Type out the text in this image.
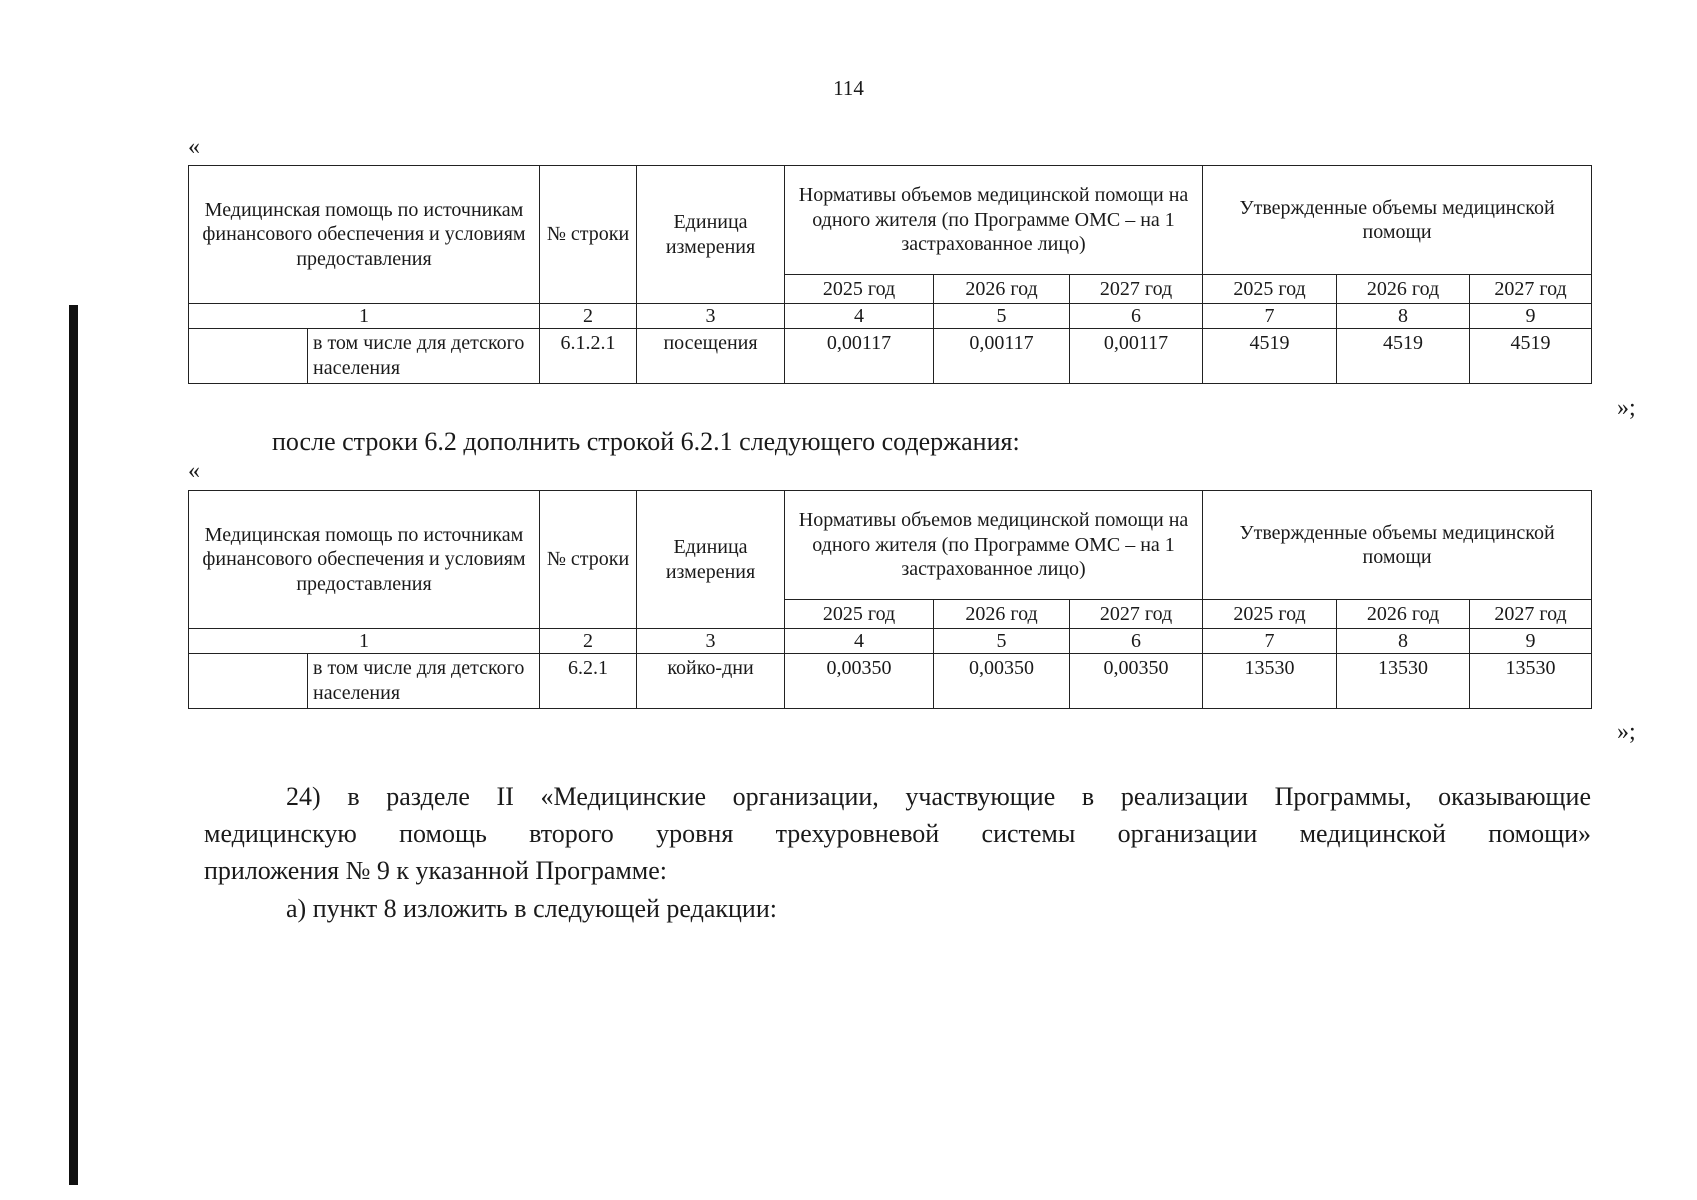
114
«
Медицинская помощь по источникам финансового обеспечения и условиям предоставления		№ строки	Единица измерения	Нормативы объемов медицинской помощи на одного жителя (по Программе ОМС – на 1 застрахованное лицо)			Утвержденные объемы медицинской помощи		
				2025 год	2026 год	2027 год	2025 год	2026 год	2027 год
1		2	3	4	5	6	7	8	9
	в том числе для детского населения	6.1.2.1	посещения	0,00117	0,00117	0,00117	4519	4519	4519
»;
после строки 6.2 дополнить строкой 6.2.1 следующего содержания:
«
Медицинская помощь по источникам финансового обеспечения и условиям предоставления		№ строки	Единица измерения	Нормативы объемов медицинской помощи на одного жителя (по Программе ОМС – на 1 застрахованное лицо)			Утвержденные объемы медицинской помощи		
				2025 год	2026 год	2027 год	2025 год	2026 год	2027 год
1		2	3	4	5	6	7	8	9
	в том числе для детского населения	6.2.1	койко-дни	0,00350	0,00350	0,00350	13530	13530	13530
»;
24) в разделе II «Медицинские организации, участвующие в реализации Программы, оказывающие
медицинскую помощь второго уровня трехуровневой системы организации медицинской помощи»
приложения № 9 к указанной Программе:
а) пункт 8 изложить в следующей редакции:
